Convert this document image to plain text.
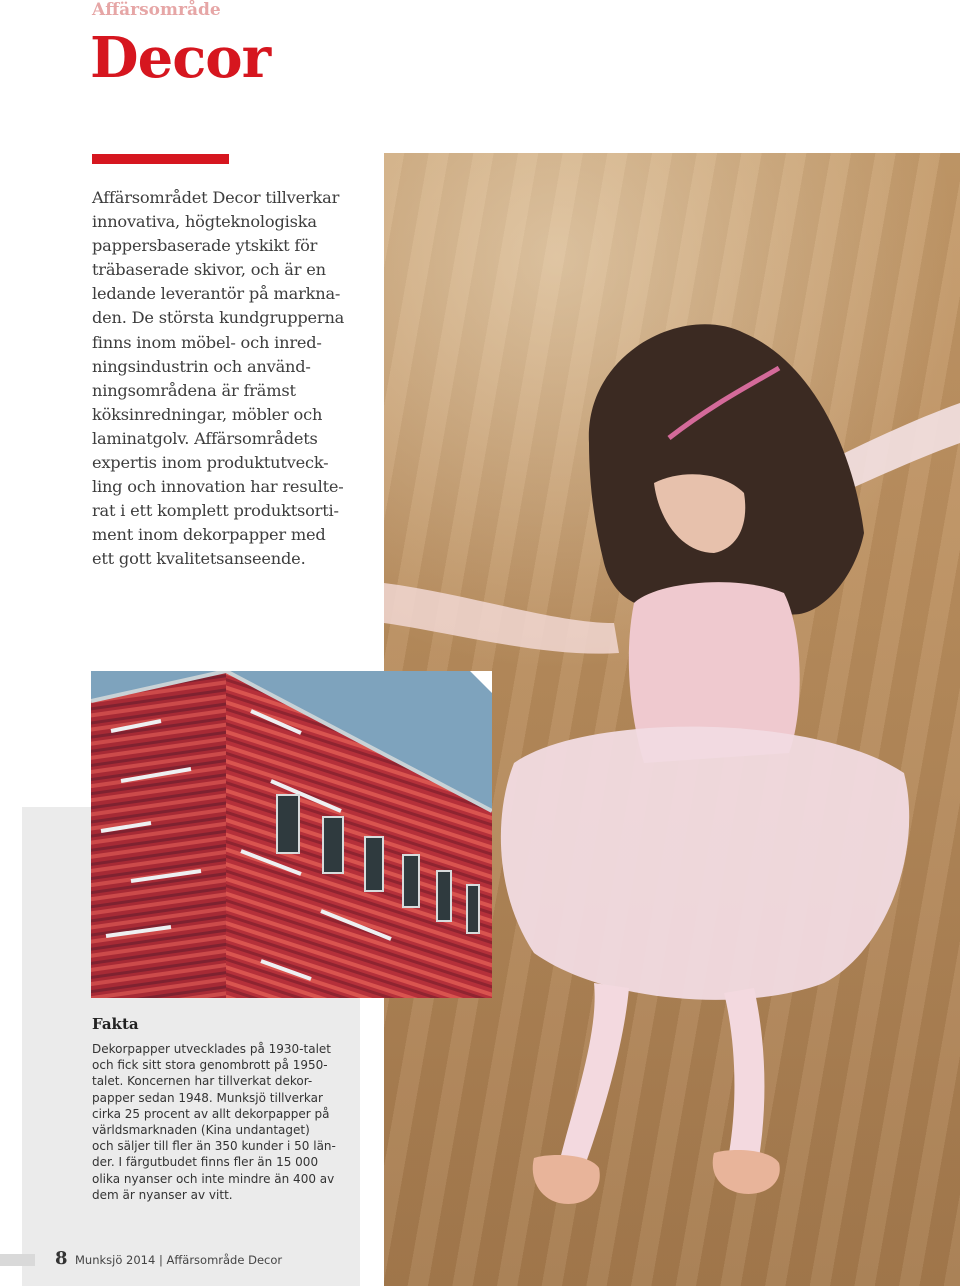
Affärsområde
Decor
Affärsområdet Decor tillverkar
innovativa, högteknologiska
pappersbaserade ytskikt för
träbaserade skivor, och är en
ledande leverantör på markna-
den. De största kundgrupperna
finns inom möbel- och inred-
ningsindustrin och använd-
ningsområdena är främst
köksinredningar, möbler och
laminatgolv. Affärsområdets
expertis inom produktutveck-
ling och innovation har resulte-
rat i ett komplett produktsorti-
ment inom dekorpapper med
ett gott kvalitetsanseende.
Fakta
Dekorpapper utvecklades på 1930-talet
och fick sitt stora genombrott på 1950-
talet. Koncernen har tillverkat dekor-
papper sedan 1948. Munksjö tillverkar
cirka 25 procent av allt dekorpapper på
världsmarknaden (Kina undantaget)
och säljer till fler än 350 kunder i 50 län-
der. I färgutbudet finns fler än 15 000
olika nyanser och inte mindre än 400 av
dem är nyanser av vitt.
8 Munksjö 2014 | Affärsområde Decor
